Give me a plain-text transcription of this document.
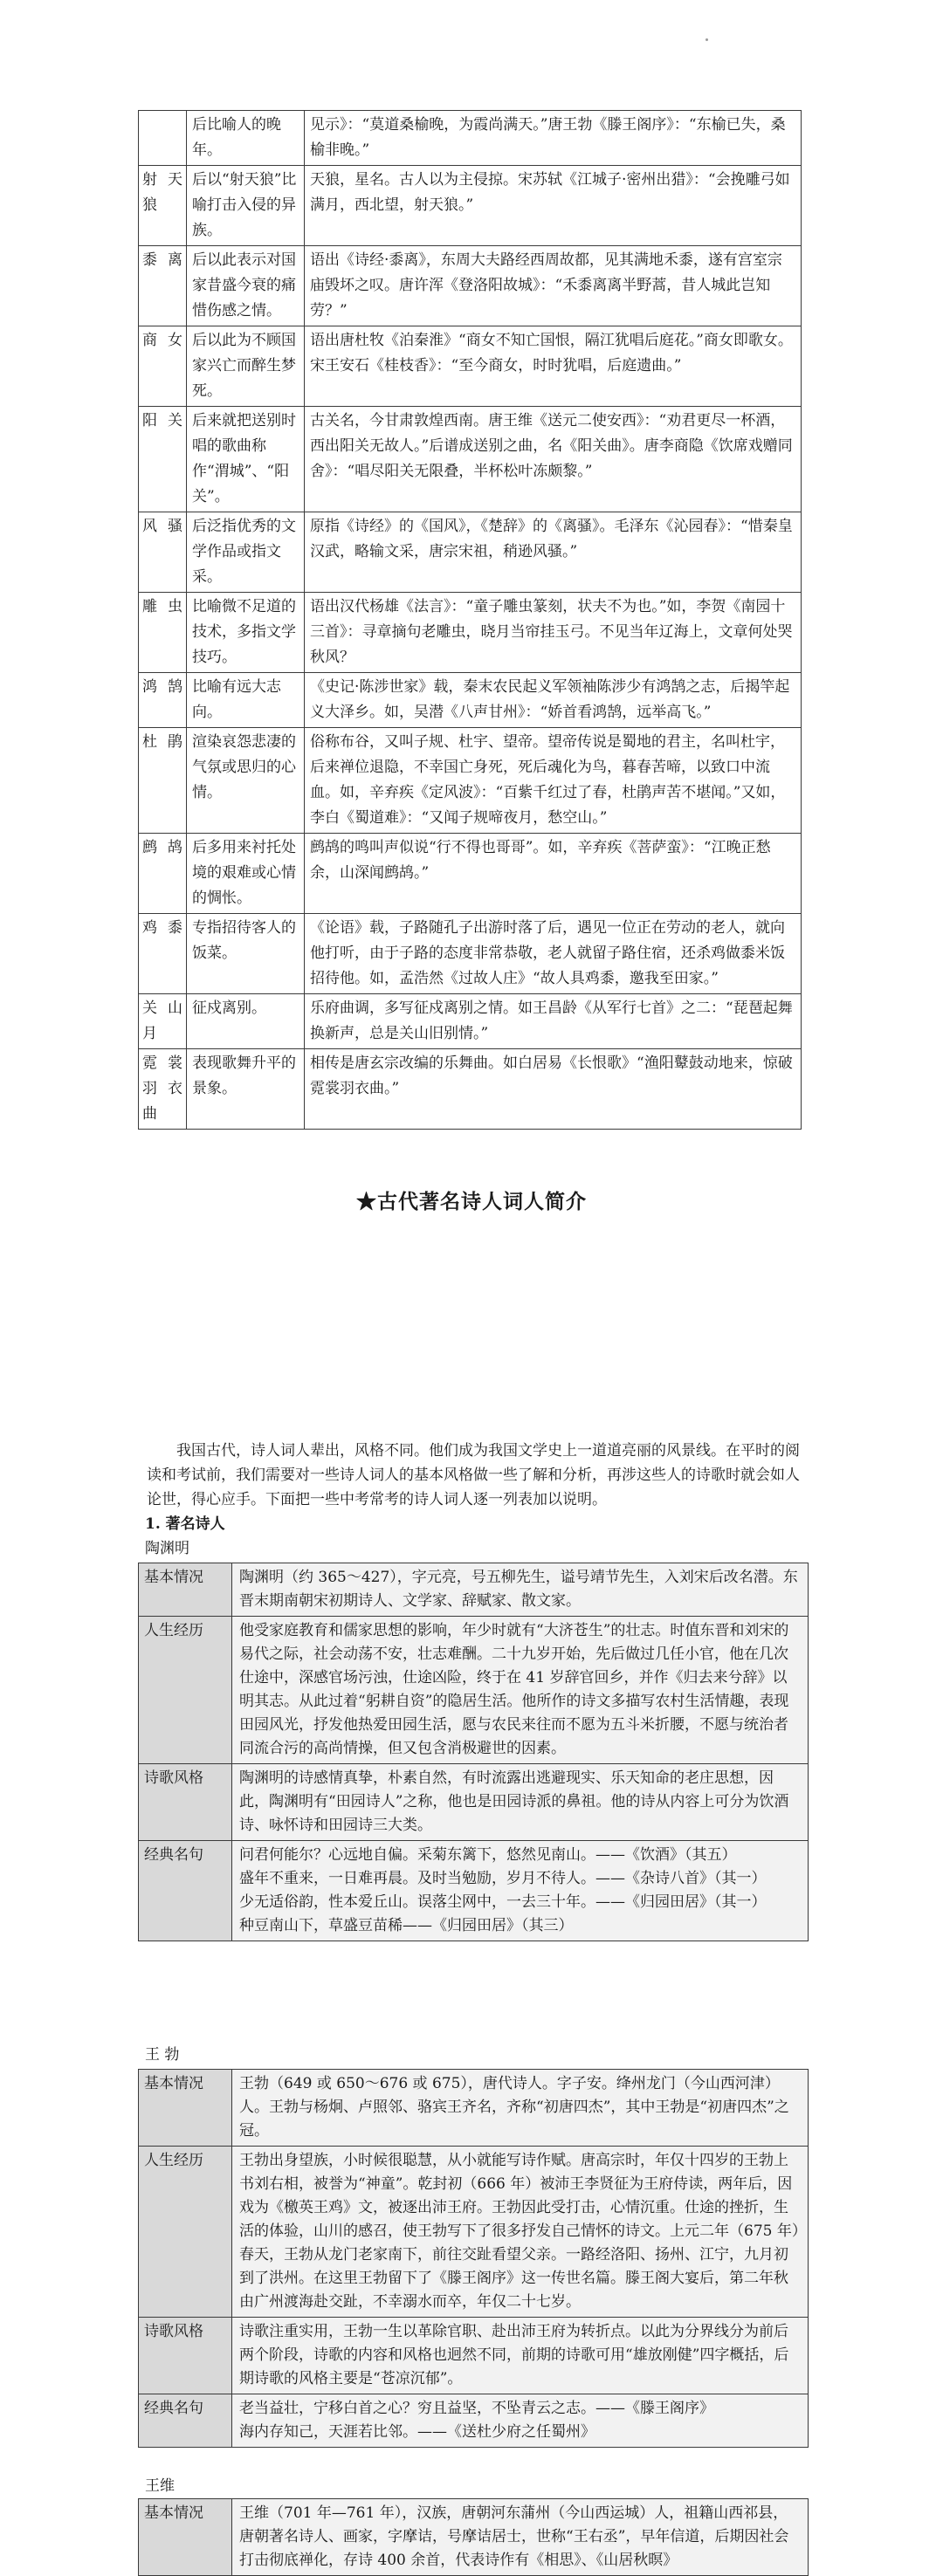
	后比喻人的晚年。	见示》：“莫道桑榆晚，为霞尚满天。”唐王勃《滕王阁序》：“东榆已失，桑榆非晚。”
射天狼	后以“射天狼”比喻打击入侵的异族。	天狼，星名。古人以为主侵掠。宋苏轼《江城子·密州出猎》：“会挽雕弓如满月，西北望，射天狼。”
黍离	后以此表示对国家昔盛今衰的痛惜伤感之情。	语出《诗经·黍离》，东周大夫路经西周故都，见其满地禾黍，遂有宫室宗庙毁坏之叹。唐许浑《登洛阳故城》：“禾黍离离半野蒿，昔人城此岂知劳？”
商女	后以此为不顾国家兴亡而醉生梦死。	语出唐杜牧《泊秦淮》“商女不知亡国恨，隔江犹唱后庭花。”商女即歌女。宋王安石《桂枝香》：“至今商女，时时犹唱，后庭遗曲。”
阳关	后来就把送别时唱的歌曲称作“渭城”、“阳关”。	古关名，今甘肃敦煌西南。唐王维《送元二使安西》：“劝君更尽一杯酒，西出阳关无故人。”后谱成送别之曲，名《阳关曲》。唐李商隐《饮席戏赠同舍》：“唱尽阳关无限叠，半杯松叶冻颇黎。”
风骚	后泛指优秀的文学作品或指文采。	原指《诗经》的《国风》，《楚辞》的《离骚》。毛泽东《沁园春》：“惜秦皇汉武，略输文采，唐宗宋祖，稍逊风骚。”
雕虫	比喻微不足道的技术，多指文学技巧。	语出汉代杨雄《法言》：“童子雕虫篆刻，状夫不为也。”如，李贺《南园十三首》：寻章摘句老雕虫，晓月当帘挂玉弓。不见当年辽海上，文章何处哭秋风？
鸿鹄	比喻有远大志向。	《史记·陈涉世家》载，秦末农民起义军领袖陈涉少有鸿鹄之志，后揭竿起义大泽乡。如，吴潜《八声甘州》：“娇首看鸿鹄，远举高飞。”
杜鹃	渲染哀怨悲凄的气氛或思归的心情。	俗称布谷，又叫子规、杜宇、望帝。望帝传说是蜀地的君主，名叫杜宇，后来禅位退隐，不幸国亡身死，死后魂化为鸟，暮春苦啼，以致口中流血。如，辛弃疾《定风波》：“百紫千红过了春，杜鹃声苦不堪闻。”又如，李白《蜀道难》：“又闻子规啼夜月，愁空山。”
鹧鸪	后多用来衬托处境的艰难或心情的惆怅。	鹧鸪的鸣叫声似说“行不得也哥哥”。如，辛弃疾《菩萨蛮》：“江晚正愁余，山深闻鹧鸪。”
鸡黍	专指招待客人的饭菜。	《论语》载，子路随孔子出游时落了后，遇见一位正在劳动的老人，就向他打听，由于子路的态度非常恭敬，老人就留子路住宿，还杀鸡做黍米饭招待他。如，孟浩然《过故人庄》“故人具鸡黍，邀我至田家。”
关山月	征戍离别。	乐府曲调，多写征戍离别之情。如王昌龄《从军行七首》之二：“琵琶起舞换新声，总是关山旧别情。”
霓裳羽衣曲	表现歌舞升平的景象。	相传是唐玄宗改编的乐舞曲。如白居易《长恨歌》“渔阳鼙鼓动地来，惊破霓裳羽衣曲。”
★古代著名诗人词人简介

我国古代，诗人词人辈出，风格不同。他们成为我国文学史上一道道亮丽的风景线。在平时的阅读和考试前，我们需要对一些诗人词人的基本风格做一些了解和分析，再涉这些人的诗歌时就会如人论世，得心应手。下面把一些中考常考的诗人词人逐一列表加以说明。

1. 著名诗人
陶渊明
基本情况	陶渊明（约 365～427），字元亮，号五柳先生，谥号靖节先生，入刘宋后改名潜。东晋末期南朝宋初期诗人、文学家、辞赋家、散文家。
人生经历	他受家庭教育和儒家思想的影响，年少时就有“大济苍生”的壮志。时值东晋和刘宋的易代之际，社会动荡不安，壮志难酬。二十九岁开始，先后做过几任小官，他在几次仕途中，深感官场污浊，仕途凶险，终于在 41 岁辞官回乡，并作《归去来兮辞》以明其志。从此过着“躬耕自资”的隐居生活。他所作的诗文多描写农村生活情趣，表现田园风光，抒发他热爱田园生活，愿与农民来往而不愿为五斗米折腰，不愿与统治者同流合污的高尚情操，但又包含消极避世的因素。
诗歌风格	陶渊明的诗感情真挚，朴素自然，有时流露出逃避现实、乐天知命的老庄思想，因此，陶渊明有“田园诗人”之称，他也是田园诗派的鼻祖。他的诗从内容上可分为饮酒诗、咏怀诗和田园诗三大类。
经典名句	问君何能尔？心远地自偏。采菊东篱下，悠然见南山。——《饮酒》（其五）
盛年不重来，一日难再晨。及时当勉励，岁月不待人。——《杂诗八首》（其一）
少无适俗韵，性本爱丘山。误落尘网中，一去三十年。——《归园田居》（其一）
种豆南山下，草盛豆苗稀——《归园田居》（其三）
王 勃
基本情况	王勃（649 或 650～676 或 675），唐代诗人。字子安。绛州龙门（今山西河津）人。王勃与杨炯、卢照邻、骆宾王齐名，齐称“初唐四杰”，其中王勃是“初唐四杰”之冠。
人生经历	王勃出身望族，小时候很聪慧，从小就能写诗作赋。唐高宗时，年仅十四岁的王勃上书刘右相，被誉为“神童”。乾封初（666 年）被沛王李贤征为王府侍读，两年后，因戏为《檄英王鸡》文，被逐出沛王府。王勃因此受打击，心情沉重。仕途的挫折，生活的体验，山川的感召，使王勃写下了很多抒发自己情怀的诗文。上元二年（675 年）春天，王勃从龙门老家南下，前往交趾看望父亲。一路经洛阳、扬州、江宁，九月初到了洪州。在这里王勃留下了《滕王阁序》这一传世名篇。滕王阁大宴后，第二年秋由广州渡海赴交趾，不幸溺水而卒，年仅二十七岁。
诗歌风格	诗歌注重实用，王勃一生以革除官职、赴出沛王府为转折点。以此为分界线分为前后两个阶段，诗歌的内容和风格也迥然不同，前期的诗歌可用“雄放刚健”四字概括，后期诗歌的风格主要是“苍凉沉郁”。
经典名句	老当益壮，宁移白首之心？穷且益坚，不坠青云之志。——《滕王阁序》
海内存知己，天涯若比邻。——《送杜少府之任蜀州》
王维
基本情况	王维（701 年—761 年），汉族，唐朝河东蒲州（今山西运城）人，祖籍山西祁县，唐朝著名诗人、画家，字摩诘，号摩诘居士，世称“王右丞”，早年信道，后期因社会打击彻底禅化，存诗 400 余首，代表诗作有《相思》、《山居秋暝》
